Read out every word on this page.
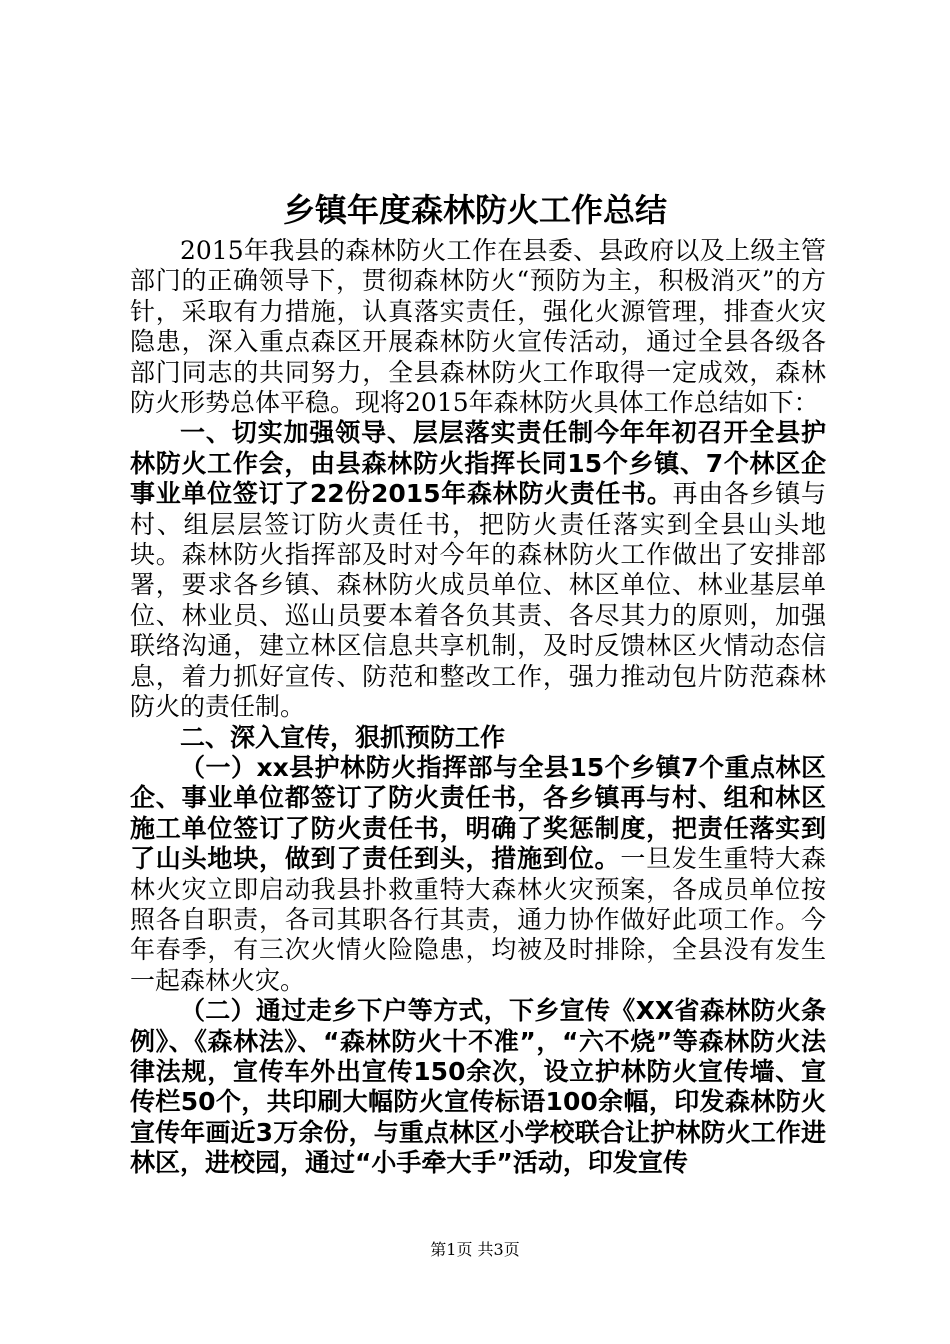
乡镇年度森林防火工作总结

2015年我县的森林防火工作在县委、县政府以及上级主管部门的正确领导下，贯彻森林防火“预防为主，积极消灭”的方针，采取有力措施，认真落实责任，强化火源管理，排查火灾隐患，深入重点森区开展森林防火宣传活动，通过全县各级各部门同志的共同努力，全县森林防火工作取得一定成效，森林防火形势总体平稳。现将2015年森林防火具体工作总结如下：

一、切实加强领导、层层落实责任制今年年初召开全县护林防火工作会，由县森林防火指挥长同15个乡镇、7个林区企事业单位签订了22份2015年森林防火责任书。再由各乡镇与村、组层层签订防火责任书，把防火责任落实到全县山头地块。森林防火指挥部及时对今年的森林防火工作做出了安排部署，要求各乡镇、森林防火成员单位、林区单位、林业基层单位、林业员、巡山员要本着各负其责、各尽其力的原则，加强联络沟通，建立林区信息共享机制，及时反馈林区火情动态信息，着力抓好宣传、防范和整改工作，强力推动包片防范森林防火的责任制。

二、深入宣传，狠抓预防工作

（一）xx县护林防火指挥部与全县15个乡镇7个重点林区企、事业单位都签订了防火责任书，各乡镇再与村、组和林区施工单位签订了防火责任书，明确了奖惩制度，把责任落实到了山头地块，做到了责任到头，措施到位。一旦发生重特大森林火灾立即启动我县扑救重特大森林火灾预案，各成员单位按照各自职责，各司其职各行其责，通力协作做好此项工作。今年春季，有三次火情火险隐患，均被及时排除，全县没有发生一起森林火灾。

（二）通过走乡下户等方式，下乡宣传《XX省森林防火条例》、《森林法》、“森林防火十不准”，“六不烧”等森林防火法律法规，宣传车外出宣传150余次，设立护林防火宣传墙、宣传栏50个，共印刷大幅防火宣传标语100余幅，印发森林防火宣传年画近3万余份，与重点林区小学校联合让护林防火工作进林区，进校园，通过“小手牵大手”活动，印发宣传

第1页 共3页
